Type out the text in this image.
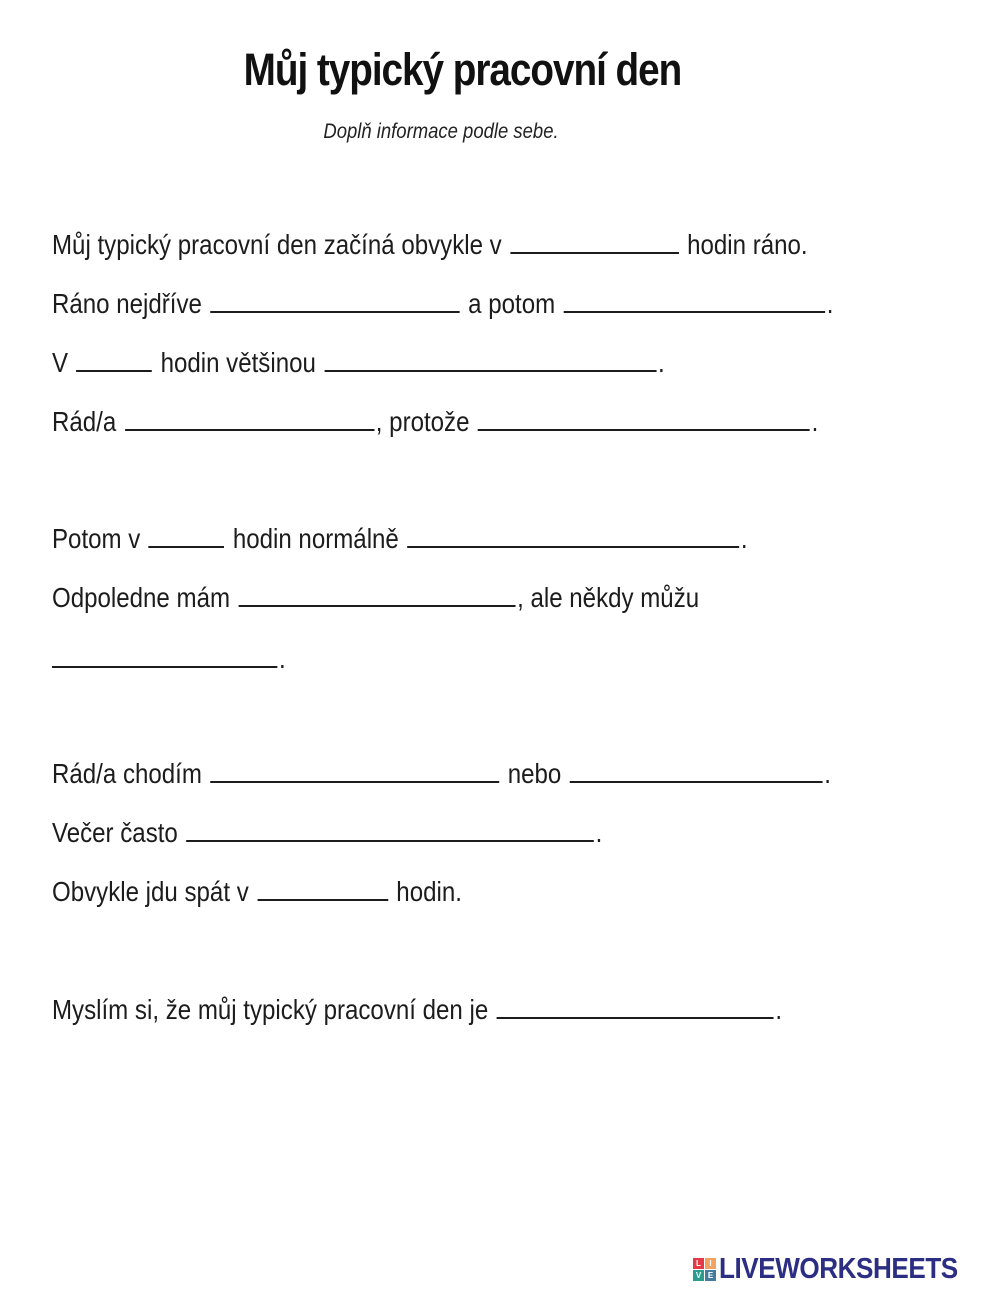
Můj typický pracovní den
Doplň informace podle sebe.
Můj typický pracovní den začíná obvykle v	hodin ráno.
Ráno nejdříve	a potom	.
V	hodin většinou	.
Rád/a	, protože	.
Potom v	hodin normálně	.
Odpoledne mám	, ale někdy můžu
.
Rád/a chodím	nebo	.
Večer často	.
Obvykle jdu spát v	hodin.
Myslím si, že můj typický pracovní den je	.
L	I
V E LIVEWORKSHEETS
